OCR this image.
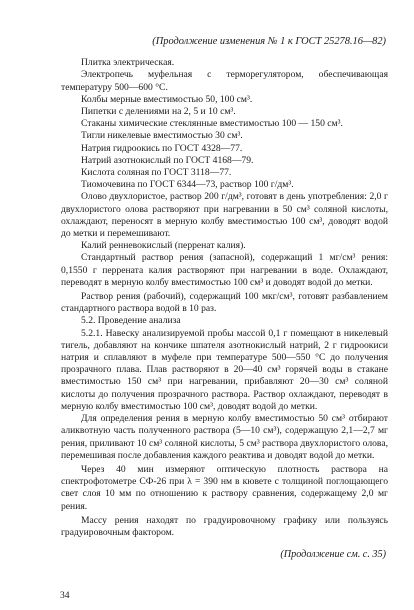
(Продолжение изменения № 1 к ГОСТ 25278.16—82)

Плитка электрическая.

Электропечь муфельная с терморегулятором, обеспечивающая температуру 500—600 °С.

Колбы мерные вместимостью 50, 100 см³.

Пипетки с делениями на 2, 5 и 10 см³.

Стаканы химические стеклянные вместимостью 100 — 150 см³.

Тигли никелевые вместимостью 30 см³.

Натрия гидроокись по ГОСТ 4328—77.

Натрий азотнокислый по ГОСТ 4168—79.

Кислота соляная по ГОСТ 3118—77.

Тиомочевина по ГОСТ 6344—73, раствор 100 г/дм³.

Олово двухлористое, раствор 200 г/дм³, готовят в день употребления: 2,0 г двухлористого олова растворяют при нагревании в 50 см³ соляной кислоты, охлаждают, переносят в мерную колбу вместимостью 100 см³, доводят водой до метки и перемешивают.

Калий ренневокислый (перренат калия).

Стандартный раствор рения (запасной), содержащий 1 мг/см³ рения: 0,1550 г перрената калия растворяют при нагревании в воде. Охлаждают, переводят в мерную колбу вместимостью 100 см³ и доводят водой до метки.

Раствор рения (рабочий), содержащий 100 мкг/см³, готовят разбавлением стандартного раствора водой в 10 раз.

5.2. Проведение анализа

5.2.1. Навеску анализируемой пробы массой 0,1 г помещают в никелевый тигель, добавляют на кончике шпателя азотнокислый натрий, 2 г гидроокиси натрия и сплавляют в муфеле при температуре 500—550 °С до получения прозрачного плава. Плав растворяют в 20—40 см³ горячей воды в стакане вместимостью 150 см³ при нагревании, прибавляют 20—30 см³ соляной кислоты до получения прозрачного раствора. Раствор охлаждают, переводят в мерную колбу вместимостью 100 см³, доводят водой до метки.

Для определения рения в мерную колбу вместимостью 50 см³ отбирают аликвотную часть полученного раствора (5—10 см³), содержащую 2,1—2,7 мг рения, приливают 10 см³ соляной кислоты, 5 см³ раствора двухлористого олова, перемешивая после добавления каждого реактива и доводят водой до метки.

Через 40 мин измеряют оптическую плотность раствора на спектрофотометре СФ-26 при λ = 390 нм в кювете с толщиной поглощающего свет слоя 10 мм по отношению к раствору сравнения, содержащему 2,0 мг рения.

Массу рения находят по градуировочному графику или пользуясь градуировочным фактором.

(Продолжение см. с. 35)
34
